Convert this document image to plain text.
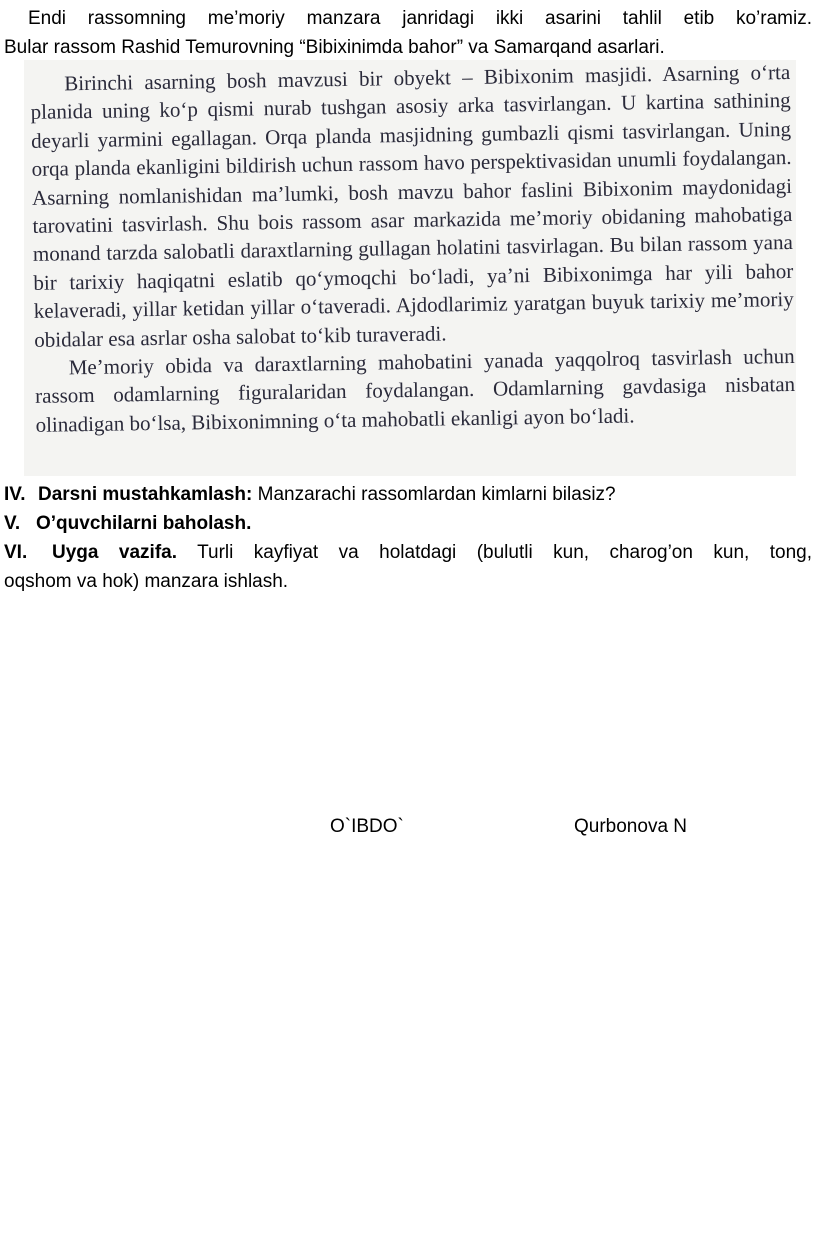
Endi rassomning me’moriy manzara janridagi ikki asarini tahlil etib ko’ramiz.
Bular rassom Rashid Temurovning “Bibixinimda bahor” va Samarqand asarlari.

Birinchi asarning bosh mavzusi bir obyekt – Bibixonim masjidi. Asarning o‘rta planida uning ko‘p qismi nurab tushgan asosiy arka tasvirlangan. U kartina sathining deyarli yarmini egallagan. Orqa planda masjidning gumbazli qismi tasvirlangan. Uning orqa planda ekanligini bildirish uchun rassom havo perspektivasidan unumli foydalangan. Asarning nomlanishidan ma’lumki, bosh mavzu bahor faslini Bibixonim maydonidagi tarovatini tasvirlash. Shu bois rassom asar markazida me’moriy obidaning mahobatiga monand tarzda salobatli daraxtlarning gullagan holatini tasvirlagan. Bu bilan rassom yana bir tarixiy haqiqatni eslatib qo‘ymoqchi bo‘ladi, ya’ni Bibixonimga har yili bahor kelaveradi, yillar ketidan yillar o‘taveradi. Ajdodlarimiz yaratgan buyuk tarixiy me’moriy obidalar esa asrlar osha salobat to‘kib turaveradi.

Me’moriy obida va daraxtlarning mahobatini yanada yaqqolroq tasvirlash uchun rassom odamlarning figuralaridan foydalangan. Odamlarning gavdasiga nisbatan olinadigan bo‘lsa, Bibixonimning o‘ta mahobatli ekanligi ayon bo‘ladi.

IV. Darsni mustahkamlash: Manzarachi rassomlardan kimlarni bilasiz?
V. O’quvchilarni baholash.
VI. Uyga vazifa. Turli kayfiyat va holatdagi (bulutli kun, charog’on kun, tong,
oqshom va hok) manzara ishlash.
O`IBDO`	Qurbonova N
